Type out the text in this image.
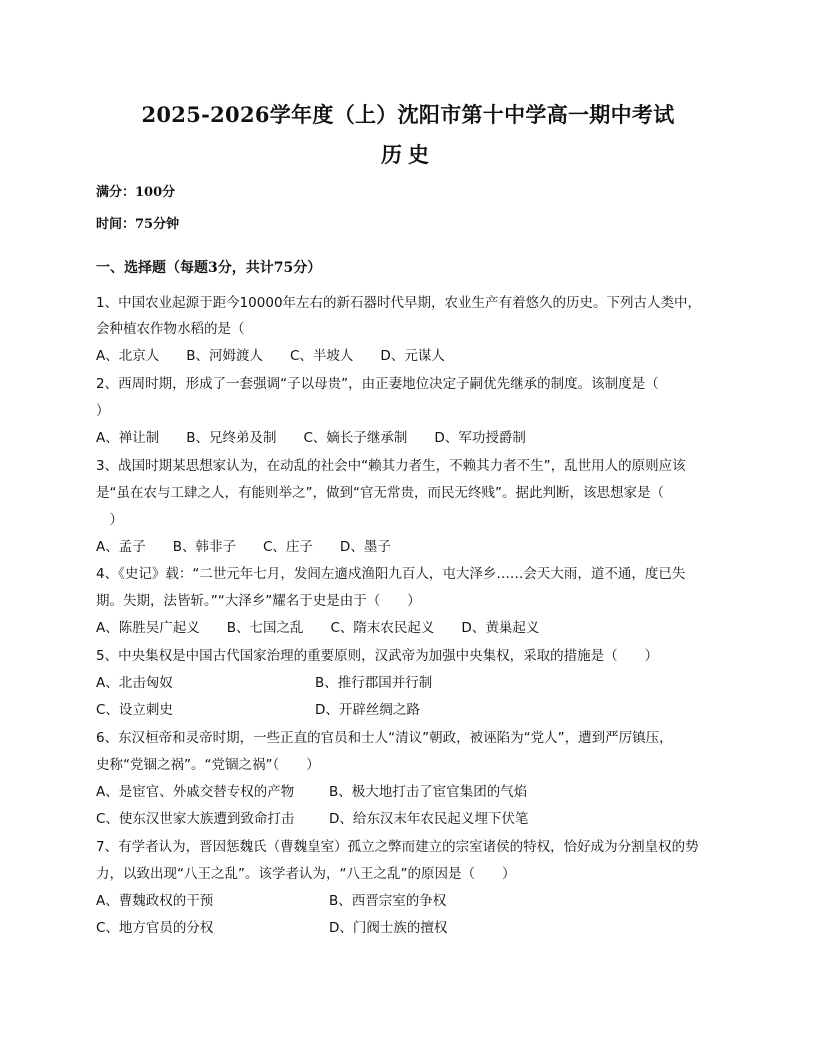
2025-2026学年度（上）沈阳市第十中学高一期中考试
历史
满分：100分
时间：75分钟
一、选择题（每题3分，共计75分）
1、中国农业起源于距今10000年左右的新石器时代早期，农业生产有着悠久的历史。下列古人类中，
会种植农作物水稻的是（
A、北京人　　B、河姆渡人　　C、半坡人　　D、元谋人
2、西周时期，形成了一套强调“子以母贵”，由正妻地位决定子嗣优先继承的制度。该制度是（
）
A、禅让制　　B、兄终弟及制　　C、嫡长子继承制　　D、军功授爵制
3、战国时期某思想家认为，在动乱的社会中“赖其力者生，不赖其力者不生”，乱世用人的原则应该
是“虽在农与工肆之人，有能则举之”，做到“官无常贵，而民无终贱”。据此判断，该思想家是（
　）
A、孟子　　B、韩非子　　C、庄子　　D、墨子
4、《史记》载：“二世元年七月，发闾左適戍渔阳九百人，屯大泽乡……会天大雨，道不通，度已失
期。失期，法皆斩。”“大泽乡”耀名于史是由于（　　）
A、陈胜吴广起义　　B、七国之乱　　C、隋末农民起义　　D、黄巢起义
5、中央集权是中国古代国家治理的重要原则，汉武帝为加强中央集权，采取的措施是（　　）
A、北击匈奴	B、推行郡国并行制
C、设立刺史	D、开辟丝绸之路
6、东汉桓帝和灵帝时期，一些正直的官员和士人“清议”朝政，被诬陷为“党人”，遭到严厉镇压，
史称“党锢之祸”。“党锢之祸”（　　）
A、是宦官、外戚交替专权的产物	B、极大地打击了宦官集团的气焰
C、使东汉世家大族遭到致命打击	D、给东汉末年农民起义埋下伏笔
7、有学者认为，晋因惩魏氏（曹魏皇室）孤立之弊而建立的宗室诸侯的特权，恰好成为分割皇权的势
力，以致出现“八王之乱”。该学者认为，“八王之乱”的原因是（　　）
A、曹魏政权的干预	B、西晋宗室的争权
C、地方官员的分权	D、门阀士族的擅权
